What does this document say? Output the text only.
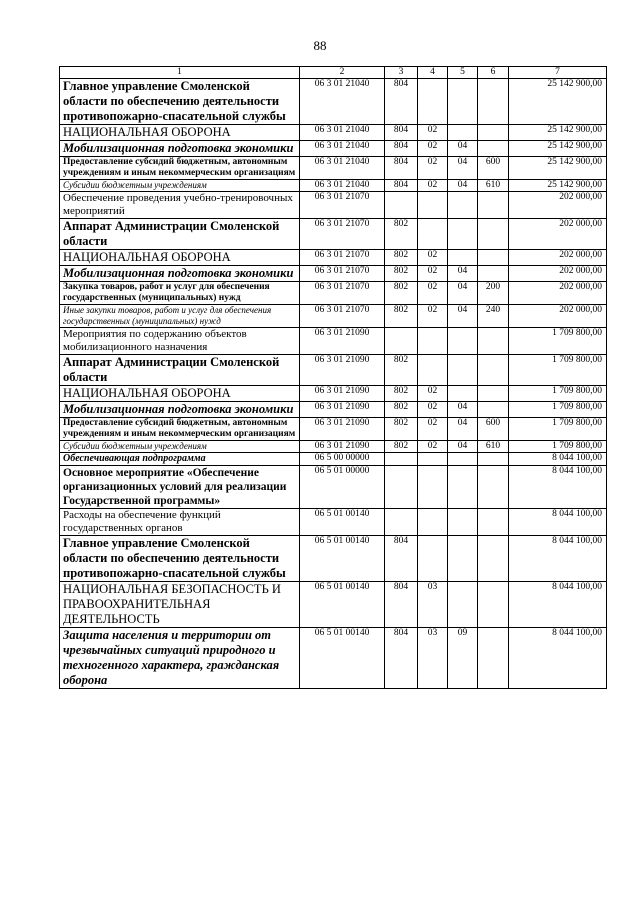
88
1	2	3	4	5	6	7
Главное управление Смоленской области по обеспечению деятельности противопожарно-спасательной службы	06 3 01 21040	804				25 142 900,00
НАЦИОНАЛЬНАЯ ОБОРОНА	06 3 01 21040	804	02			25 142 900,00
Мобилизационная подготовка экономики	06 3 01 21040	804	02	04		25 142 900,00
Предоставление субсидий бюджетным, автономным учреждениям и иным некоммерческим организациям	06 3 01 21040	804	02	04	600	25 142 900,00
Субсидии бюджетным учреждениям	06 3 01 21040	804	02	04	610	25 142 900,00
Обеспечение проведения учебно-тренировочных мероприятий	06 3 01 21070					202 000,00
Аппарат Администрации Смоленской области	06 3 01 21070	802				202 000,00
НАЦИОНАЛЬНАЯ ОБОРОНА	06 3 01 21070	802	02			202 000,00
Мобилизационная подготовка экономики	06 3 01 21070	802	02	04		202 000,00
Закупка товаров, работ и услуг для обеспечения государственных (муниципальных) нужд	06 3 01 21070	802	02	04	200	202 000,00
Иные закупки товаров, работ и услуг для обеспечения государственных (муниципальных) нужд	06 3 01 21070	802	02	04	240	202 000,00
Мероприятия по содержанию объектов мобилизационного назначения	06 3 01 21090					1 709 800,00
Аппарат Администрации Смоленской области	06 3 01 21090	802				1 709 800,00
НАЦИОНАЛЬНАЯ ОБОРОНА	06 3 01 21090	802	02			1 709 800,00
Мобилизационная подготовка экономики	06 3 01 21090	802	02	04		1 709 800,00
Предоставление субсидий бюджетным, автономным учреждениям и иным некоммерческим организациям	06 3 01 21090	802	02	04	600	1 709 800,00
Субсидии бюджетным учреждениям	06 3 01 21090	802	02	04	610	1 709 800,00
Обеспечивающая подпрограмма	06 5 00 00000					8 044 100,00
Основное мероприятие «Обеспечение организационных условий для реализации Государственной программы»	06 5 01 00000					8 044 100,00
Расходы на обеспечение функций государственных органов	06 5 01 00140					8 044 100,00
Главное управление Смоленской области по обеспечению деятельности противопожарно-спасательной службы	06 5 01 00140	804				8 044 100,00
НАЦИОНАЛЬНАЯ БЕЗОПАСНОСТЬ И ПРАВООХРАНИТЕЛЬНАЯ ДЕЯТЕЛЬНОСТЬ	06 5 01 00140	804	03			8 044 100,00
Защита населения и территории от чрезвычайных ситуаций природного и техногенного характера, гражданская оборона	06 5 01 00140	804	03	09		8 044 100,00
